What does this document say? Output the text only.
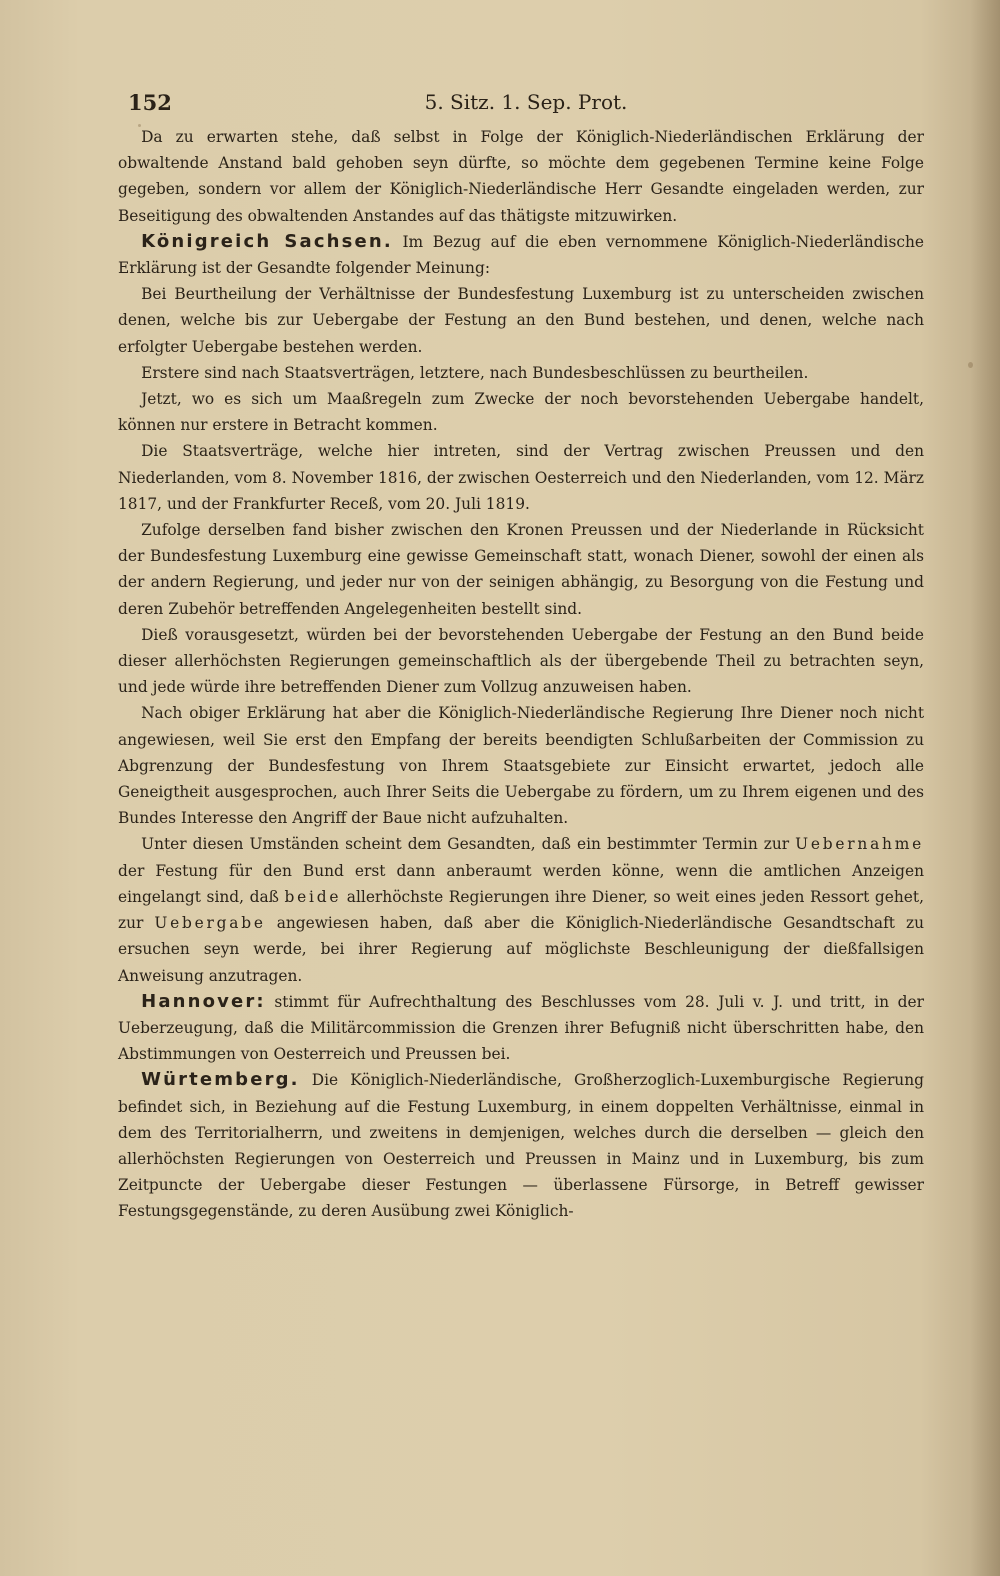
152	5. Sitz. 1. Sep. Prot.

Da zu erwarten stehe, daß selbst in Folge der Königlich-Niederländischen Erklärung der obwaltende Anstand bald gehoben seyn dürfte, so möchte dem gegebenen Termine keine Folge gegeben, sondern vor allem der Königlich-Niederländische Herr Gesandte eingeladen werden, zur Beseitigung des obwaltenden Anstandes auf das thätigste mitzuwirken.

Königreich Sachsen. Im Bezug auf die eben vernommene Königlich-Niederländische Erklärung ist der Gesandte folgender Meinung:

Bei Beurtheilung der Verhältnisse der Bundesfestung Luxemburg ist zu unterscheiden zwischen denen, welche bis zur Uebergabe der Festung an den Bund bestehen, und denen, welche nach erfolgter Uebergabe bestehen werden.

Erstere sind nach Staatsverträgen, letztere, nach Bundesbeschlüssen zu beurtheilen.

Jetzt, wo es sich um Maaßregeln zum Zwecke der noch bevorstehenden Uebergabe handelt, können nur erstere in Betracht kommen.

Die Staatsverträge, welche hier intreten, sind der Vertrag zwischen Preussen und den Niederlanden, vom 8. November 1816, der zwischen Oesterreich und den Niederlanden, vom 12. März 1817, und der Frankfurter Receß, vom 20. Juli 1819.

Zufolge derselben fand bisher zwischen den Kronen Preussen und der Niederlande in Rücksicht der Bundesfestung Luxemburg eine gewisse Gemeinschaft statt, wonach Diener, sowohl der einen als der andern Regierung, und jeder nur von der seinigen abhängig, zu Besorgung von die Festung und deren Zubehör betreffenden Angelegenheiten bestellt sind.

Dieß vorausgesetzt, würden bei der bevorstehenden Uebergabe der Festung an den Bund beide dieser allerhöchsten Regierungen gemeinschaftlich als der übergebende Theil zu betrachten seyn, und jede würde ihre betreffenden Diener zum Vollzug anzuweisen haben.

Nach obiger Erklärung hat aber die Königlich-Niederländische Regierung Ihre Diener noch nicht angewiesen, weil Sie erst den Empfang der bereits beendigten Schlußarbeiten der Commission zu Abgrenzung der Bundesfestung von Ihrem Staatsgebiete zur Einsicht erwartet, jedoch alle Geneigtheit ausgesprochen, auch Ihrer Seits die Uebergabe zu fördern, um zu Ihrem eigenen und des Bundes Interesse den Angriff der Baue nicht aufzuhalten.

Unter diesen Umständen scheint dem Gesandten, daß ein bestimmter Termin zur Uebernahme der Festung für den Bund erst dann anberaumt werden könne, wenn die amtlichen Anzeigen eingelangt sind, daß beide allerhöchste Regierungen ihre Diener, so weit eines jeden Ressort gehet, zur Uebergabe angewiesen haben, daß aber die Königlich-Niederländische Gesandtschaft zu ersuchen seyn werde, bei ihrer Regierung auf möglichste Beschleunigung der dießfallsigen Anweisung anzutragen.

Hannover: stimmt für Aufrechthaltung des Beschlusses vom 28. Juli v. J. und tritt, in der Ueberzeugung, daß die Militärcommission die Grenzen ihrer Befugniß nicht überschritten habe, den Abstimmungen von Oesterreich und Preussen bei.

Würtemberg. Die Königlich-Niederländische, Großherzoglich-Luxemburgische Regierung befindet sich, in Beziehung auf die Festung Luxemburg, in einem doppelten Verhältnisse, einmal in dem des Territorialherrn, und zweitens in demjenigen, welches durch die derselben — gleich den allerhöchsten Regierungen von Oesterreich und Preussen in Mainz und in Luxemburg, bis zum Zeitpuncte der Uebergabe dieser Festungen — überlassene Fürsorge, in Betreff gewisser Festungsgegenstände, zu deren Ausübung zwei Königlich-
